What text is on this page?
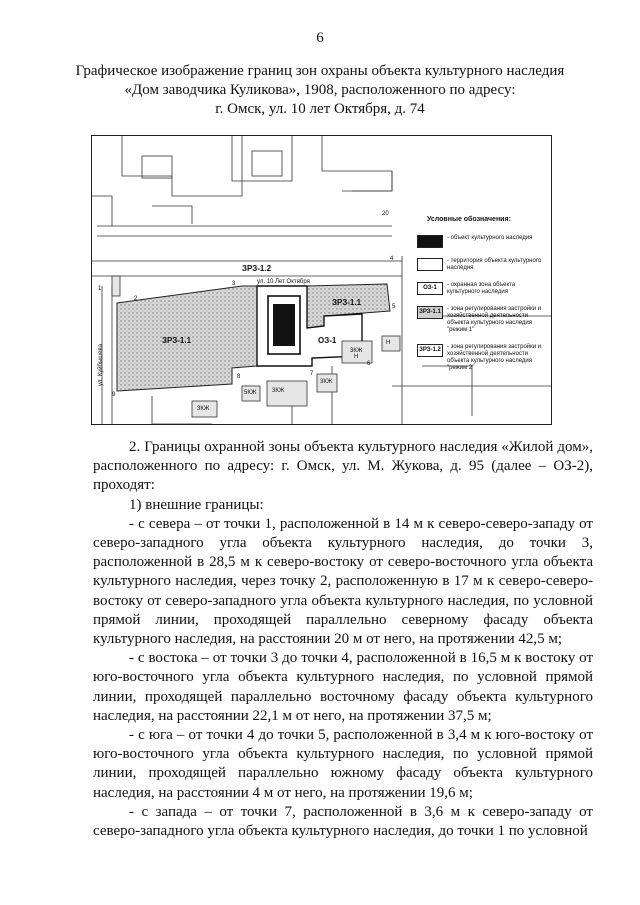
6
Графическое изображение границ зон охраны объекта культурного наследия
«Дом заводчика Куликова», 1908, расположенного по адресу:
г. Омск, ул. 10 лет Октября, д. 74
ЗРЗ-1.2
ул. 10 Лет Октября
ЗРЗ-1.1
ЗРЗ-1.1
ОЗ-1
ул. Куйбышева	3КЖ
3КЖ
3КЖ
3КЖ
Н
Н
5КЖ
1
2
3
4
5
6
7
8
9
20
Условные обозначения:
- объект культурного наследия
- территория объекта культурного наследия
ОЗ-1	- охранная зона объекта культурного наследия
ЗРЗ-1.1	- зона регулирования застройки и хозяйственной деятельности объекта культурного наследия "режим 1"
ЗРЗ-1.2	- зона регулирования застройки и хозяйственной деятельности объекта культурного наследия "режим 2"

2. Границы охранной зоны объекта культурного наследия «Жилой дом», расположенного по адресу: г. Омск, ул. М. Жукова, д. 95 (далее – ОЗ-2), проходят:

1) внешние границы:

- с севера – от точки 1, расположенной в 14 м к северо-северо-западу от северо-западного угла объекта культурного наследия, до точки 3, расположенной в 28,5 м к северо-востоку от северо-восточного угла объекта культурного наследия, через точку 2, расположенную в 17 м к северо-северо-востоку от северо-западного угла объекта культурного наследия, по условной прямой линии, проходящей параллельно северному фасаду объекта культурного наследия, на расстоянии 20 м от него, на протяжении 42,5 м;

- с востока – от точки 3 до точки 4, расположенной в 16,5 м к востоку от юго-восточного угла объекта культурного наследия, по условной прямой линии, проходящей параллельно восточному фасаду объекта культурного наследия, на расстоянии 22,1 м от него, на протяжении 37,5 м;

- с юга – от точки 4 до точки 5, расположенной в 3,4 м к юго-востоку от юго-восточного угла объекта культурного наследия, по условной прямой линии, проходящей параллельно южному фасаду объекта культурного наследия, на расстоянии 4 м от него, на протяжении 19,6 м;

- с запада – от точки 7, расположенной в 3,6 м к северо-западу от северо-западного угла объекта культурного наследия, до точки 1 по условной
